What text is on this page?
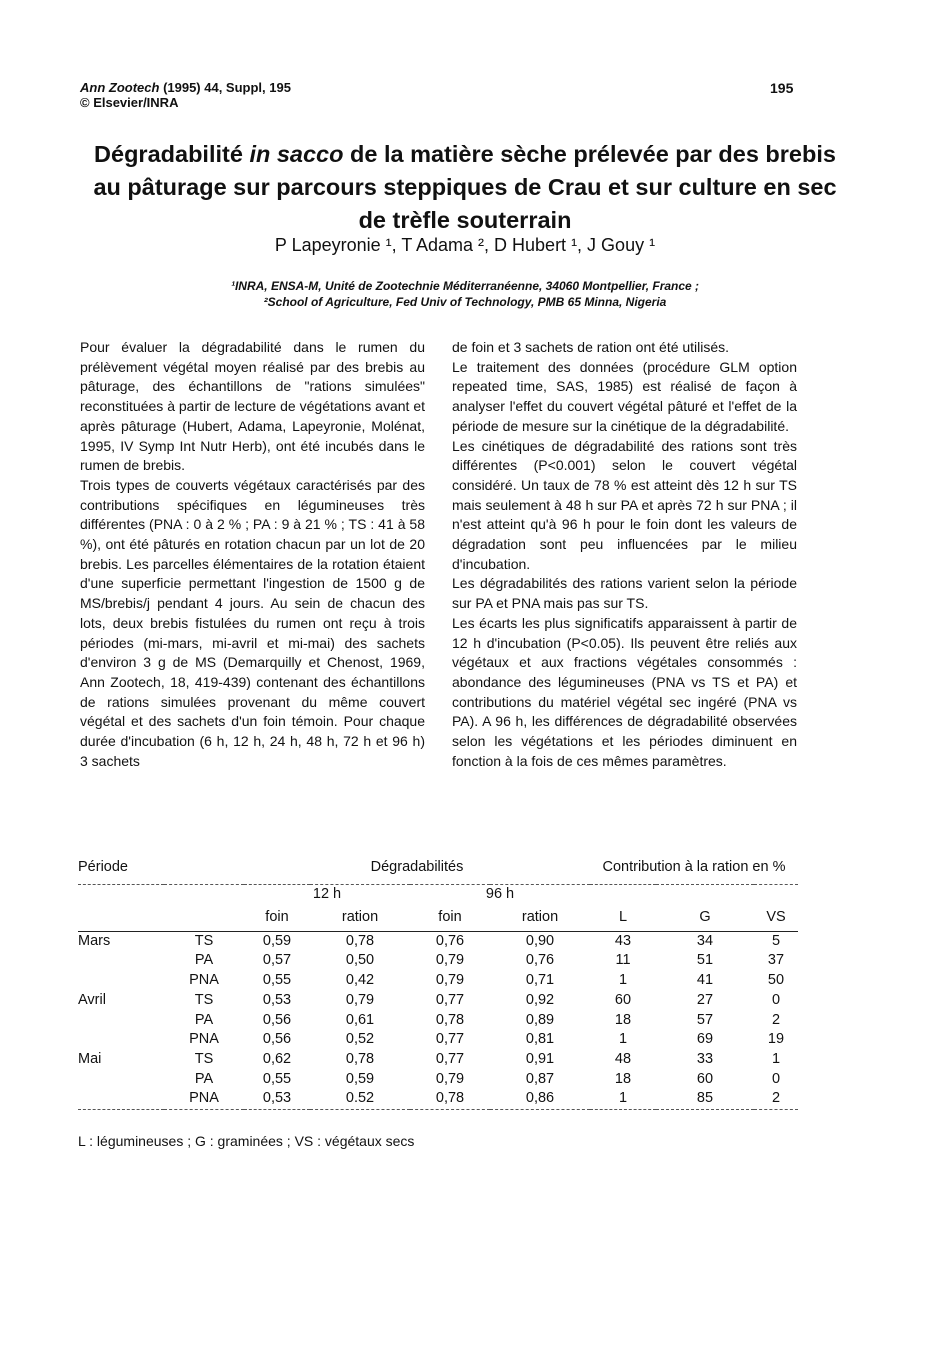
Ann Zootech (1995) 44, Suppl, 195
© Elsevier/INRA
195
Dégradabilité in sacco de la matière sèche prélevée par des brebis au pâturage sur parcours steppiques de Crau et sur culture en sec de trèfle souterrain
P Lapeyronie ¹, T Adama ², D Hubert ¹, J Gouy ¹
¹INRA, ENSA-M, Unité de Zootechnie Méditerranéenne, 34060 Montpellier, France ;
²School of Agriculture, Fed Univ of Technology, PMB 65 Minna, Nigeria

Pour évaluer la dégradabilité dans le rumen du prélèvement végétal moyen réalisé par des brebis au pâturage, des échantillons de "rations simulées" reconstituées à partir de lecture de végétations avant et après pâturage (Hubert, Adama, Lapeyronie, Molénat, 1995, IV Symp Int Nutr Herb), ont été incubés dans le rumen de brebis.

Trois types de couverts végétaux caractérisés par des contributions spécifiques en légumineuses très différentes (PNA : 0 à 2 % ; PA : 9 à 21 % ; TS : 41 à 58 %), ont été pâturés en rotation chacun par un lot de 20 brebis. Les parcelles élémentaires de la rotation étaient d'une superficie permettant l'ingestion de 1500 g de MS/brebis/j pendant 4 jours. Au sein de chacun des lots, deux brebis fistulées du rumen ont reçu à trois périodes (mi-mars, mi-avril et mi-mai) des sachets d'environ 3 g de MS (Demarquilly et Chenost, 1969, Ann Zootech, 18, 419-439) contenant des échantillons de rations simulées provenant du même couvert végétal et des sachets d'un foin témoin. Pour chaque durée d'incubation (6 h, 12 h, 24 h, 48 h, 72 h et 96 h) 3 sachets

de foin et 3 sachets de ration ont été utilisés.

Le traitement des données (procédure GLM option repeated time, SAS, 1985) est réalisé de façon à analyser l'effet du couvert végétal pâturé et l'effet de la période de mesure sur la cinétique de la dégradabilité.

Les cinétiques de dégradabilité des rations sont très différentes (P<0.001) selon le couvert végétal considéré. Un taux de 78 % est atteint dès 12 h sur TS mais seulement à 48 h sur PA et après 72 h sur PNA ; il n'est atteint qu'à 96 h pour le foin dont les valeurs de dégradation sont peu influencées par le milieu d'incubation.

Les dégradabilités des rations varient selon la période sur PA et PNA mais pas sur TS.

Les écarts les plus significatifs apparaissent à partir de 12 h d'incubation (P<0.05). Ils peuvent être reliés aux végétaux et aux fractions végétales consommés : abondance des légumineuses (PNA vs TS et PA) et contributions du matériel végétal sec ingéré (PNA vs PA). A 96 h, les différences de dégradabilité observées selon les végétations et les périodes diminuent en fonction à la fois de ces mêmes paramètres.

Période		Dégradabilités				Contribution à la ration en %		
		12 h		96 h				
		foin	ration	foin	ration	L	G	VS
Mars	TS	0,59	0,78	0,76	0,90	43	34	5
	PA	0,57	0,50	0,79	0,76	11	51	37
	PNA	0,55	0,42	0,79	0,71	1	41	50
Avril	TS	0,53	0,79	0,77	0,92	60	27	0
	PA	0,56	0,61	0,78	0,89	18	57	2
	PNA	0,56	0,52	0,77	0,81	1	69	19
Mai	TS	0,62	0,78	0,77	0,91	48	33	1
	PA	0,55	0,59	0,79	0,87	18	60	0
	PNA	0,53	0.52	0,78	0,86	1	85	2
L : légumineuses ; G : graminées ; VS : végétaux secs
